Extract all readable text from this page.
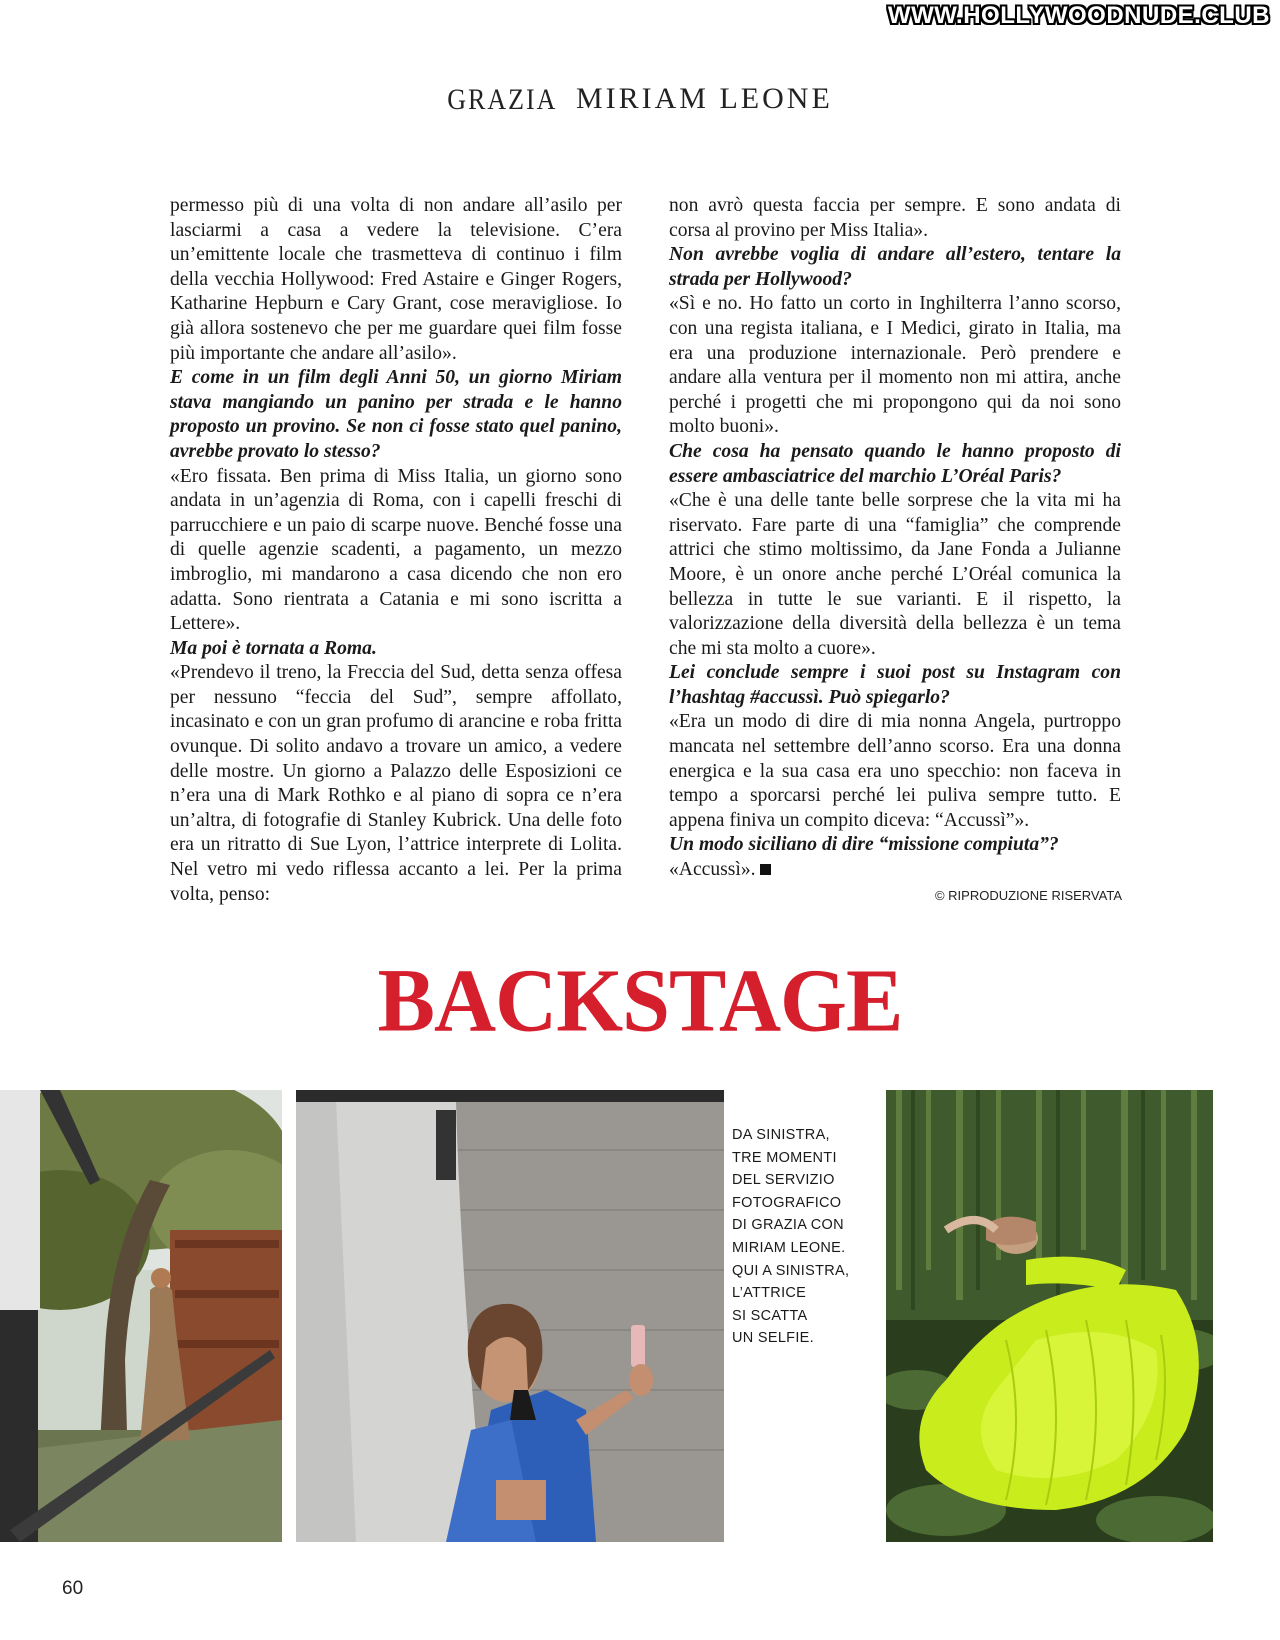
WWW.HOLLYWOODNUDE.CLUB
GRAZIA MIRIAM LEONE

permesso più di una volta di non andare all’asilo per lasciarmi a casa a vedere la televisione. C’era un’emittente locale che trasmetteva di continuo i film della vecchia Hollywood: Fred Astaire e Ginger Rogers, Katharine Hepburn e Cary Grant, cose meravigliose. Io già allora sostenevo che per me guardare quei film fosse più importante che andare all’asilo».

E come in un film degli Anni 50, un giorno Miriam stava mangiando un panino per strada e le hanno proposto un provino. Se non ci fosse stato quel panino, avrebbe provato lo stesso?

«Ero fissata. Ben prima di Miss Italia, un giorno sono andata in un’agenzia di Roma, con i capelli freschi di parrucchiere e un paio di scarpe nuove. Benché fosse una di quelle agenzie scadenti, a pagamento, un mezzo imbroglio, mi mandarono a casa dicendo che non ero adatta. Sono rientrata a Catania e mi sono iscritta a Lettere».

Ma poi è tornata a Roma.

«Prendevo il treno, la Freccia del Sud, detta senza offesa per nessuno “feccia del Sud”, sempre affollato, incasinato e con un gran profumo di arancine e roba fritta ovunque. Di solito andavo a trovare un amico, a vedere delle mostre. Un giorno a Palazzo delle Esposizioni ce n’era una di Mark Rothko e al piano di sopra ce n’era un’altra, di fotografie di Stanley Kubrick. Una delle foto era un ritratto di Sue Lyon, l’attrice interprete di Lolita. Nel vetro mi vedo riflessa accanto a lei. Per la prima volta, penso:

non avrò questa faccia per sempre. E sono andata di corsa al provino per Miss Italia».

Non avrebbe voglia di andare all’estero, tentare la strada per Hollywood?

«Sì e no. Ho fatto un corto in Inghilterra l’anno scorso, con una regista italiana, e I Medici, girato in Italia, ma era una produzione internazionale. Però prendere e andare alla ventura per il momento non mi attira, anche perché i progetti che mi propongono qui da noi sono molto buoni».

Che cosa ha pensato quando le hanno proposto di essere ambasciatrice del marchio L’Oréal Paris?

«Che è una delle tante belle sorprese che la vita mi ha riservato. Fare parte di una “famiglia” che comprende attrici che stimo moltissimo, da Jane Fonda a Julianne Moore, è un onore anche perché L’Oréal comunica la bellezza in tutte le sue varianti. E il rispetto, la valorizzazione della diversità della bellezza è un tema che mi sta molto a cuore».

Lei conclude sempre i suoi post su Instagram con l’hashtag #accussì. Può spiegarlo?

«Era un modo di dire di mia nonna Angela, purtroppo mancata nel settembre dell’anno scorso. Era una donna energica e la sua casa era uno specchio: non faceva in tempo a sporcarsi perché lei puliva sempre tutto. E appena finiva un compito diceva: “Accussì”».

Un modo siciliano di dire “missione compiuta”?

«Accussì».

© RIPRODUZIONE RISERVATA
BACKSTAGE
DA SINISTRA,
TRE MOMENTI
DEL SERVIZIO
FOTOGRAFICO
DI GRAZIA CON
MIRIAM LEONE.
QUI A SINISTRA,
L’ATTRICE
SI SCATTA
UN SELFIE.
60
